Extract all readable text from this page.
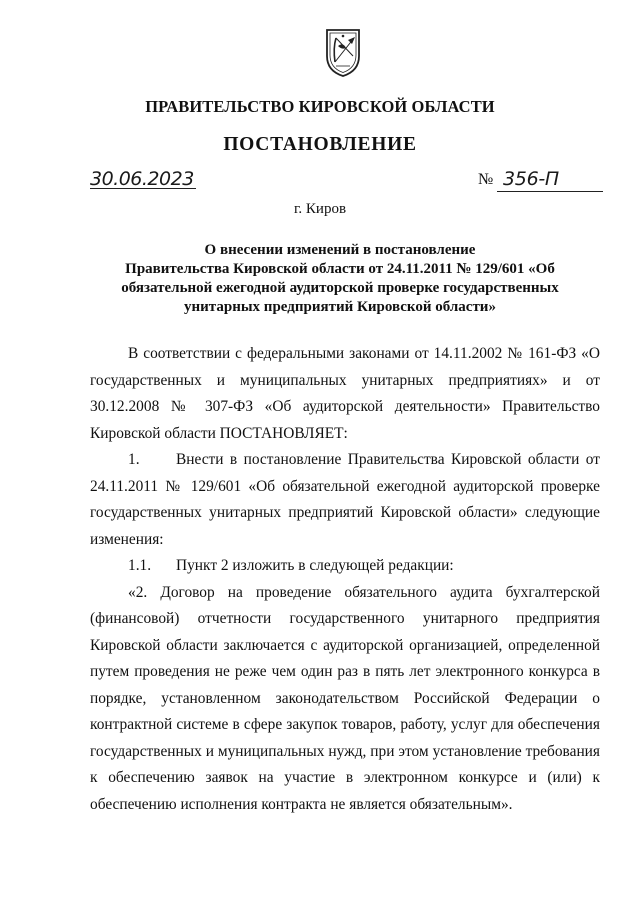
ПРАВИТЕЛЬСТВО КИРОВСКОЙ ОБЛАСТИ
ПОСТАНОВЛЕНИЕ
30.06.2023	№ 356-П
г. Киров
О внесении изменений в постановление
Правительства Кировской области от 24.11.2011 № 129/601 «Об
обязательной ежегодной аудиторской проверке государственных
унитарных предприятий Кировской области»

В соответствии с федеральными законами от 14.11.2002 № 161-ФЗ «О государственных и муниципальных унитарных предприятиях» и от 30.12.2008 № 307-ФЗ «Об аудиторской деятельности» Правительство Кировской области ПОСТАНОВЛЯЕТ:

1. Внести в постановление Правительства Кировской области от 24.11.2011 № 129/601 «Об обязательной ежегодной аудиторской проверке государственных унитарных предприятий Кировской области» следующие изменения:

1.1. Пункт 2 изложить в следующей редакции:

«2. Договор на проведение обязательного аудита бухгалтерской (финансовой) отчетности государственного унитарного предприятия Кировской области заключается с аудиторской организацией, определенной путем проведения не реже чем один раз в пять лет электронного конкурса в порядке, установленном законодательством Российской Федерации о контрактной системе в сфере закупок товаров, работу, услуг для обеспечения государственных и муниципальных нужд, при этом установление требования к обеспечению заявок на участие в электронном конкурсе и (или) к обеспечению исполнения контракта не является обязательным».
